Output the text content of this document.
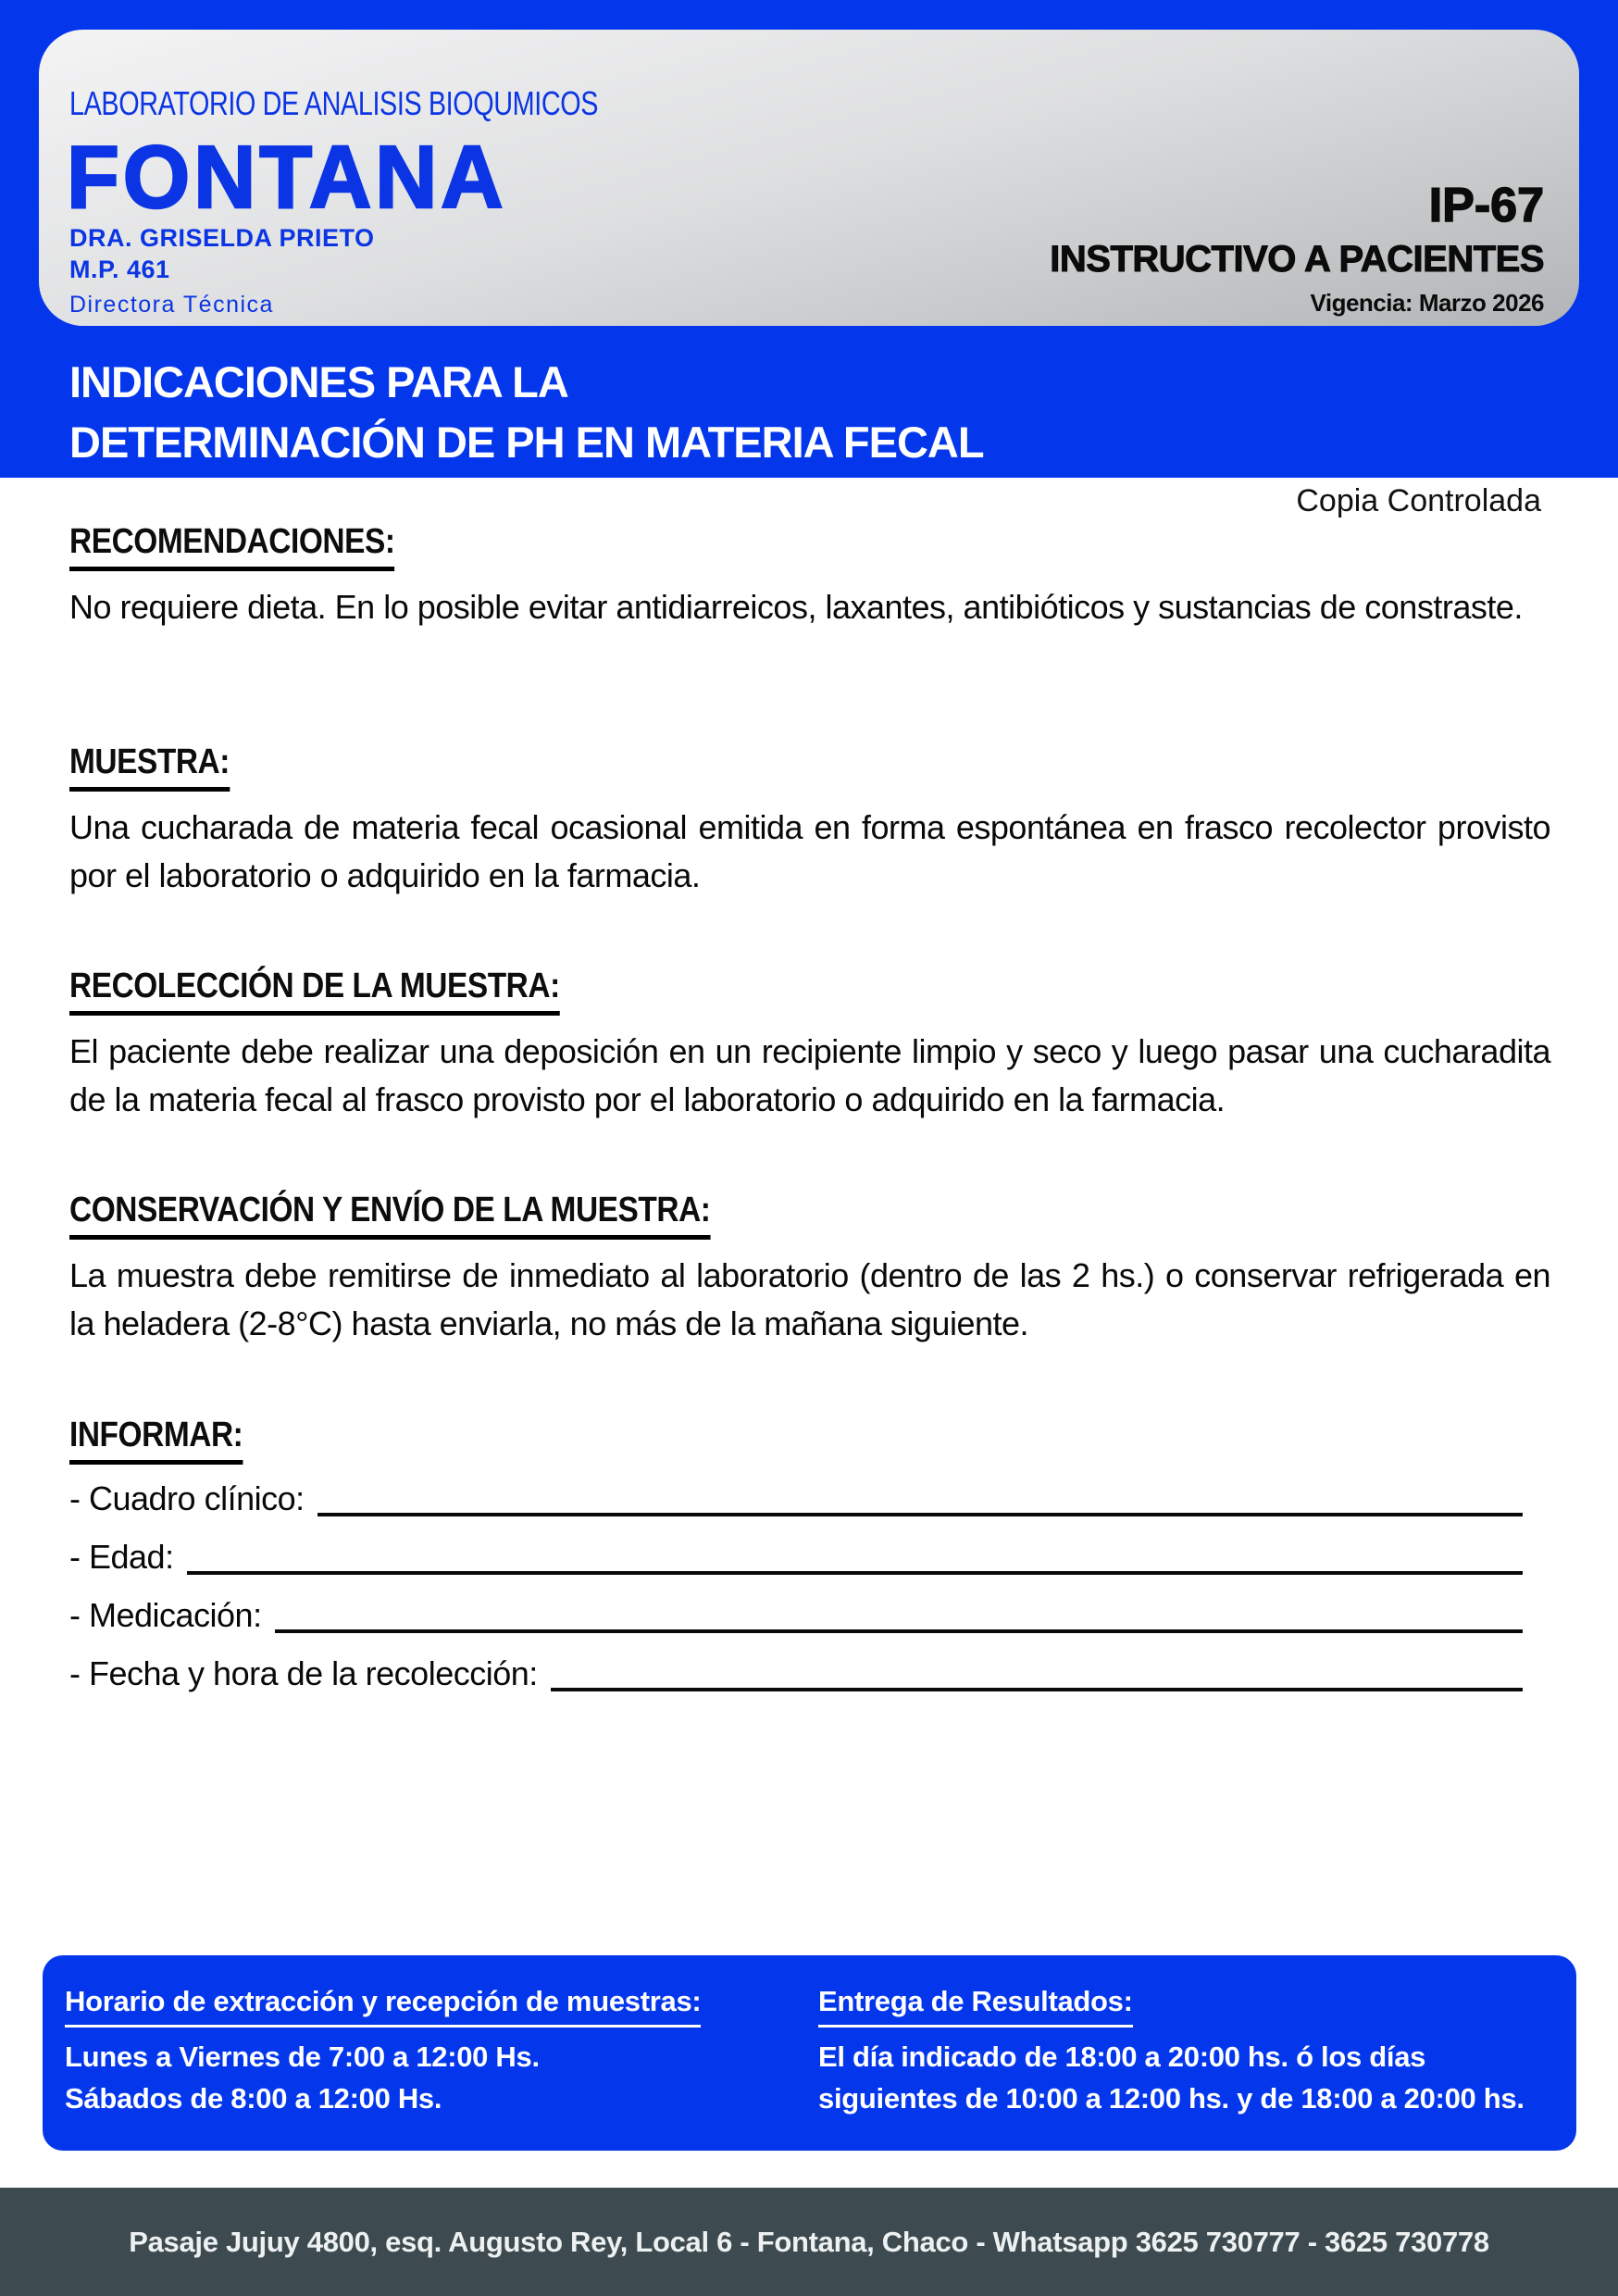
LABORATORIO DE ANALISIS BIOQUMICOS
FONTANA
DRA. GRISELDA PRIETO
M.P. 461
Directora Técnica
IP-67
INSTRUCTIVO A PACIENTES
Vigencia: Marzo 2026
INDICACIONES PARA LA
DETERMINACIÓN DE PH EN MATERIA FECAL
Copia Controlada
RECOMENDACIONES:
No requiere dieta. En lo posible evitar antidiarreicos, laxantes, antibióticos y sustancias de constraste.
MUESTRA:
Una cucharada de materia fecal ocasional emitida en forma espontánea en frasco recolector provisto por el laboratorio o adquirido en la farmacia.
RECOLECCIÓN DE LA MUESTRA:
El paciente debe realizar una deposición en un recipiente limpio y seco y luego pasar una cucharadita de la materia fecal al frasco provisto por el laboratorio o adquirido en la farmacia.
CONSERVACIÓN Y ENVÍO DE LA MUESTRA:
La muestra debe remitirse de inmediato al laboratorio (dentro de las 2 hs.) o conservar refrigerada en la heladera (2-8°C) hasta enviarla, no más de la mañana siguiente.
INFORMAR:
- Cuadro clínico:
- Edad:
- Medicación:
- Fecha y hora de la recolección:
Horario de extracción y recepción de muestras:
Lunes a Viernes de 7:00 a 12:00 Hs.
Sábados de 8:00 a 12:00 Hs.
Entrega de Resultados:
El día indicado de 18:00 a 20:00 hs. ó los días
siguientes de 10:00 a 12:00 hs. y de 18:00 a 20:00 hs.
Pasaje Jujuy 4800, esq. Augusto Rey, Local 6 - Fontana, Chaco - Whatsapp 3625 730777 - 3625 730778
